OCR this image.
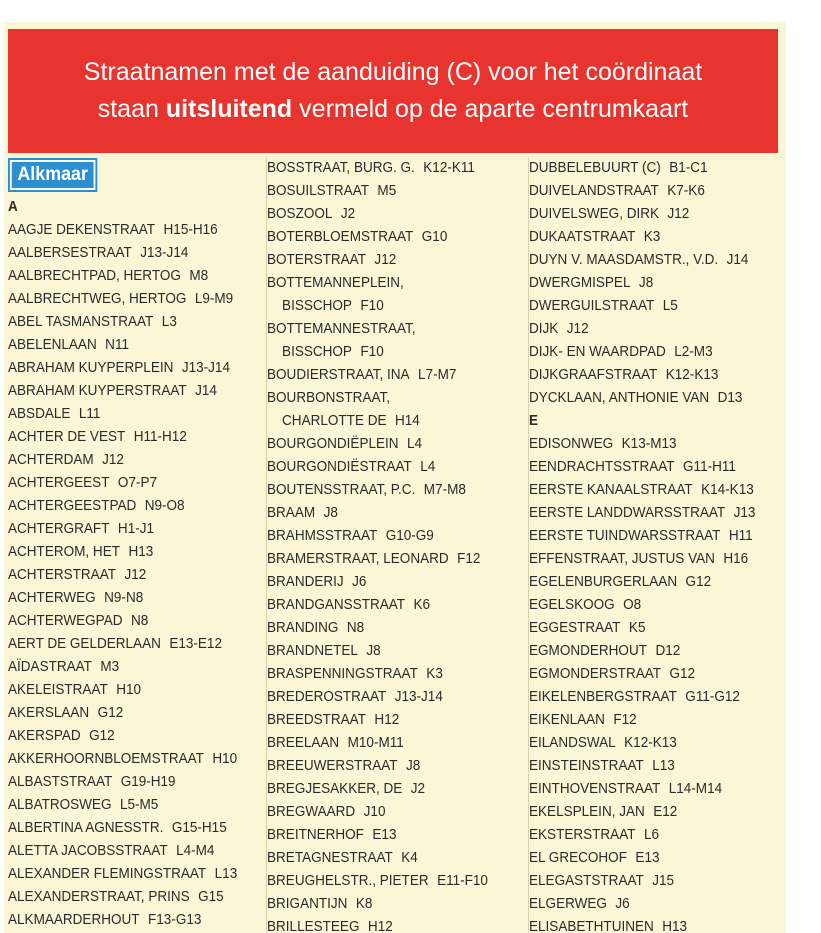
Straatnamen met de aanduiding (C) voor het coördinaat
staan uitsluitend vermeld op de aparte centrumkaart
Alkmaar
A
AAGJE DEKENSTRAAT H15-H16
AALBERSESTRAAT J13-J14
AALBRECHTPAD, HERTOG M8
AALBRECHTWEG, HERTOG L9-M9
ABEL TASMANSTRAAT L3
ABELENLAAN N11
ABRAHAM KUYPERPLEIN J13-J14
ABRAHAM KUYPERSTRAAT J14
ABSDALE L11
ACHTER DE VEST H11-H12
ACHTERDAM J12
ACHTERGEEST O7-P7
ACHTERGEESTPAD N9-O8
ACHTERGRAFT H1-J1
ACHTEROM, HET H13
ACHTERSTRAAT J12
ACHTERWEG N9-N8
ACHTERWEGPAD N8
AERT DE GELDERLAAN E13-E12
AÏDASTRAAT M3
AKELEISTRAAT H10
AKERSLAAN G12
AKERSPAD G12
AKKERHOORNBLOEMSTRAAT H10
ALBASTSTRAAT G19-H19
ALBATROSWEG L5-M5
ALBERTINA AGNESSTR. G15-H15
ALETTA JACOBSSTRAAT L4-M4
ALEXANDER FLEMINGSTRAAT L13
ALEXANDERSTRAAT, PRINS G15
ALKMAARDERHOUT F13-G13
BOSSTRAAT, BURG. G. K12-K11
BOSUILSTRAAT M5
BOSZOOL J2
BOTERBLOEMSTRAAT G10
BOTERSTRAAT J12
BOTTEMANNEPLEIN,
BISSCHOP F10
BOTTEMANNESTRAAT,
BISSCHOP F10
BOUDIERSTRAAT, INA L7-M7
BOURBONSTRAAT,
CHARLOTTE DE H14
BOURGONDIËPLEIN L4
BOURGONDIËSTRAAT L4
BOUTENSSTRAAT, P.C. M7-M8
BRAAM J8
BRAHMSSTRAAT G10-G9
BRAMERSTRAAT, LEONARD F12
BRANDERIJ J6
BRANDGANSSTRAAT K6
BRANDING N8
BRANDNETEL J8
BRASPENNINGSTRAAT K3
BREDEROSTRAAT J13-J14
BREEDSTRAAT H12
BREELAAN M10-M11
BREEUWERSTRAAT J8
BREGJESAKKER, DE J2
BREGWAARD J10
BREITNERHOF E13
BRETAGNESTRAAT K4
BREUGHELSTR., PIETER E11-F10
BRIGANTIJN K8
BRILLESTEEG H12
DUBBELEBUURT (C) B1-C1
DUIVELANDSTRAAT K7-K6
DUIVELSWEG, DIRK J12
DUKAATSTRAAT K3
DUYN V. MAASDAMSTR., V.D. J14
DWERGMISPEL J8
DWERGUILSTRAAT L5
DIJK J12
DIJK- EN WAARDPAD L2-M3
DIJKGRAAFSTRAAT K12-K13
DYCKLAAN, ANTHONIE VAN D13
E
EDISONWEG K13-M13
EENDRACHTSSTRAAT G11-H11
EERSTE KANAALSTRAAT K14-K13
EERSTE LANDDWARSSTRAAT J13
EERSTE TUINDWARSSTRAAT H11
EFFENSTRAAT, JUSTUS VAN H16
EGELENBURGERLAAN G12
EGELSKOOG O8
EGGESTRAAT K5
EGMONDERHOUT D12
EGMONDERSTRAAT G12
EIKELENBERGSTRAAT G11-G12
EIKENLAAN F12
EILANDSWAL K12-K13
EINSTEINSTRAAT L13
EINTHOVENSTRAAT L14-M14
EKELSPLEIN, JAN E12
EKSTERSTRAAT L6
EL GRECOHOF E13
ELEGASTSTRAAT J15
ELGERWEG J6
ELISABETHTUINEN H13
